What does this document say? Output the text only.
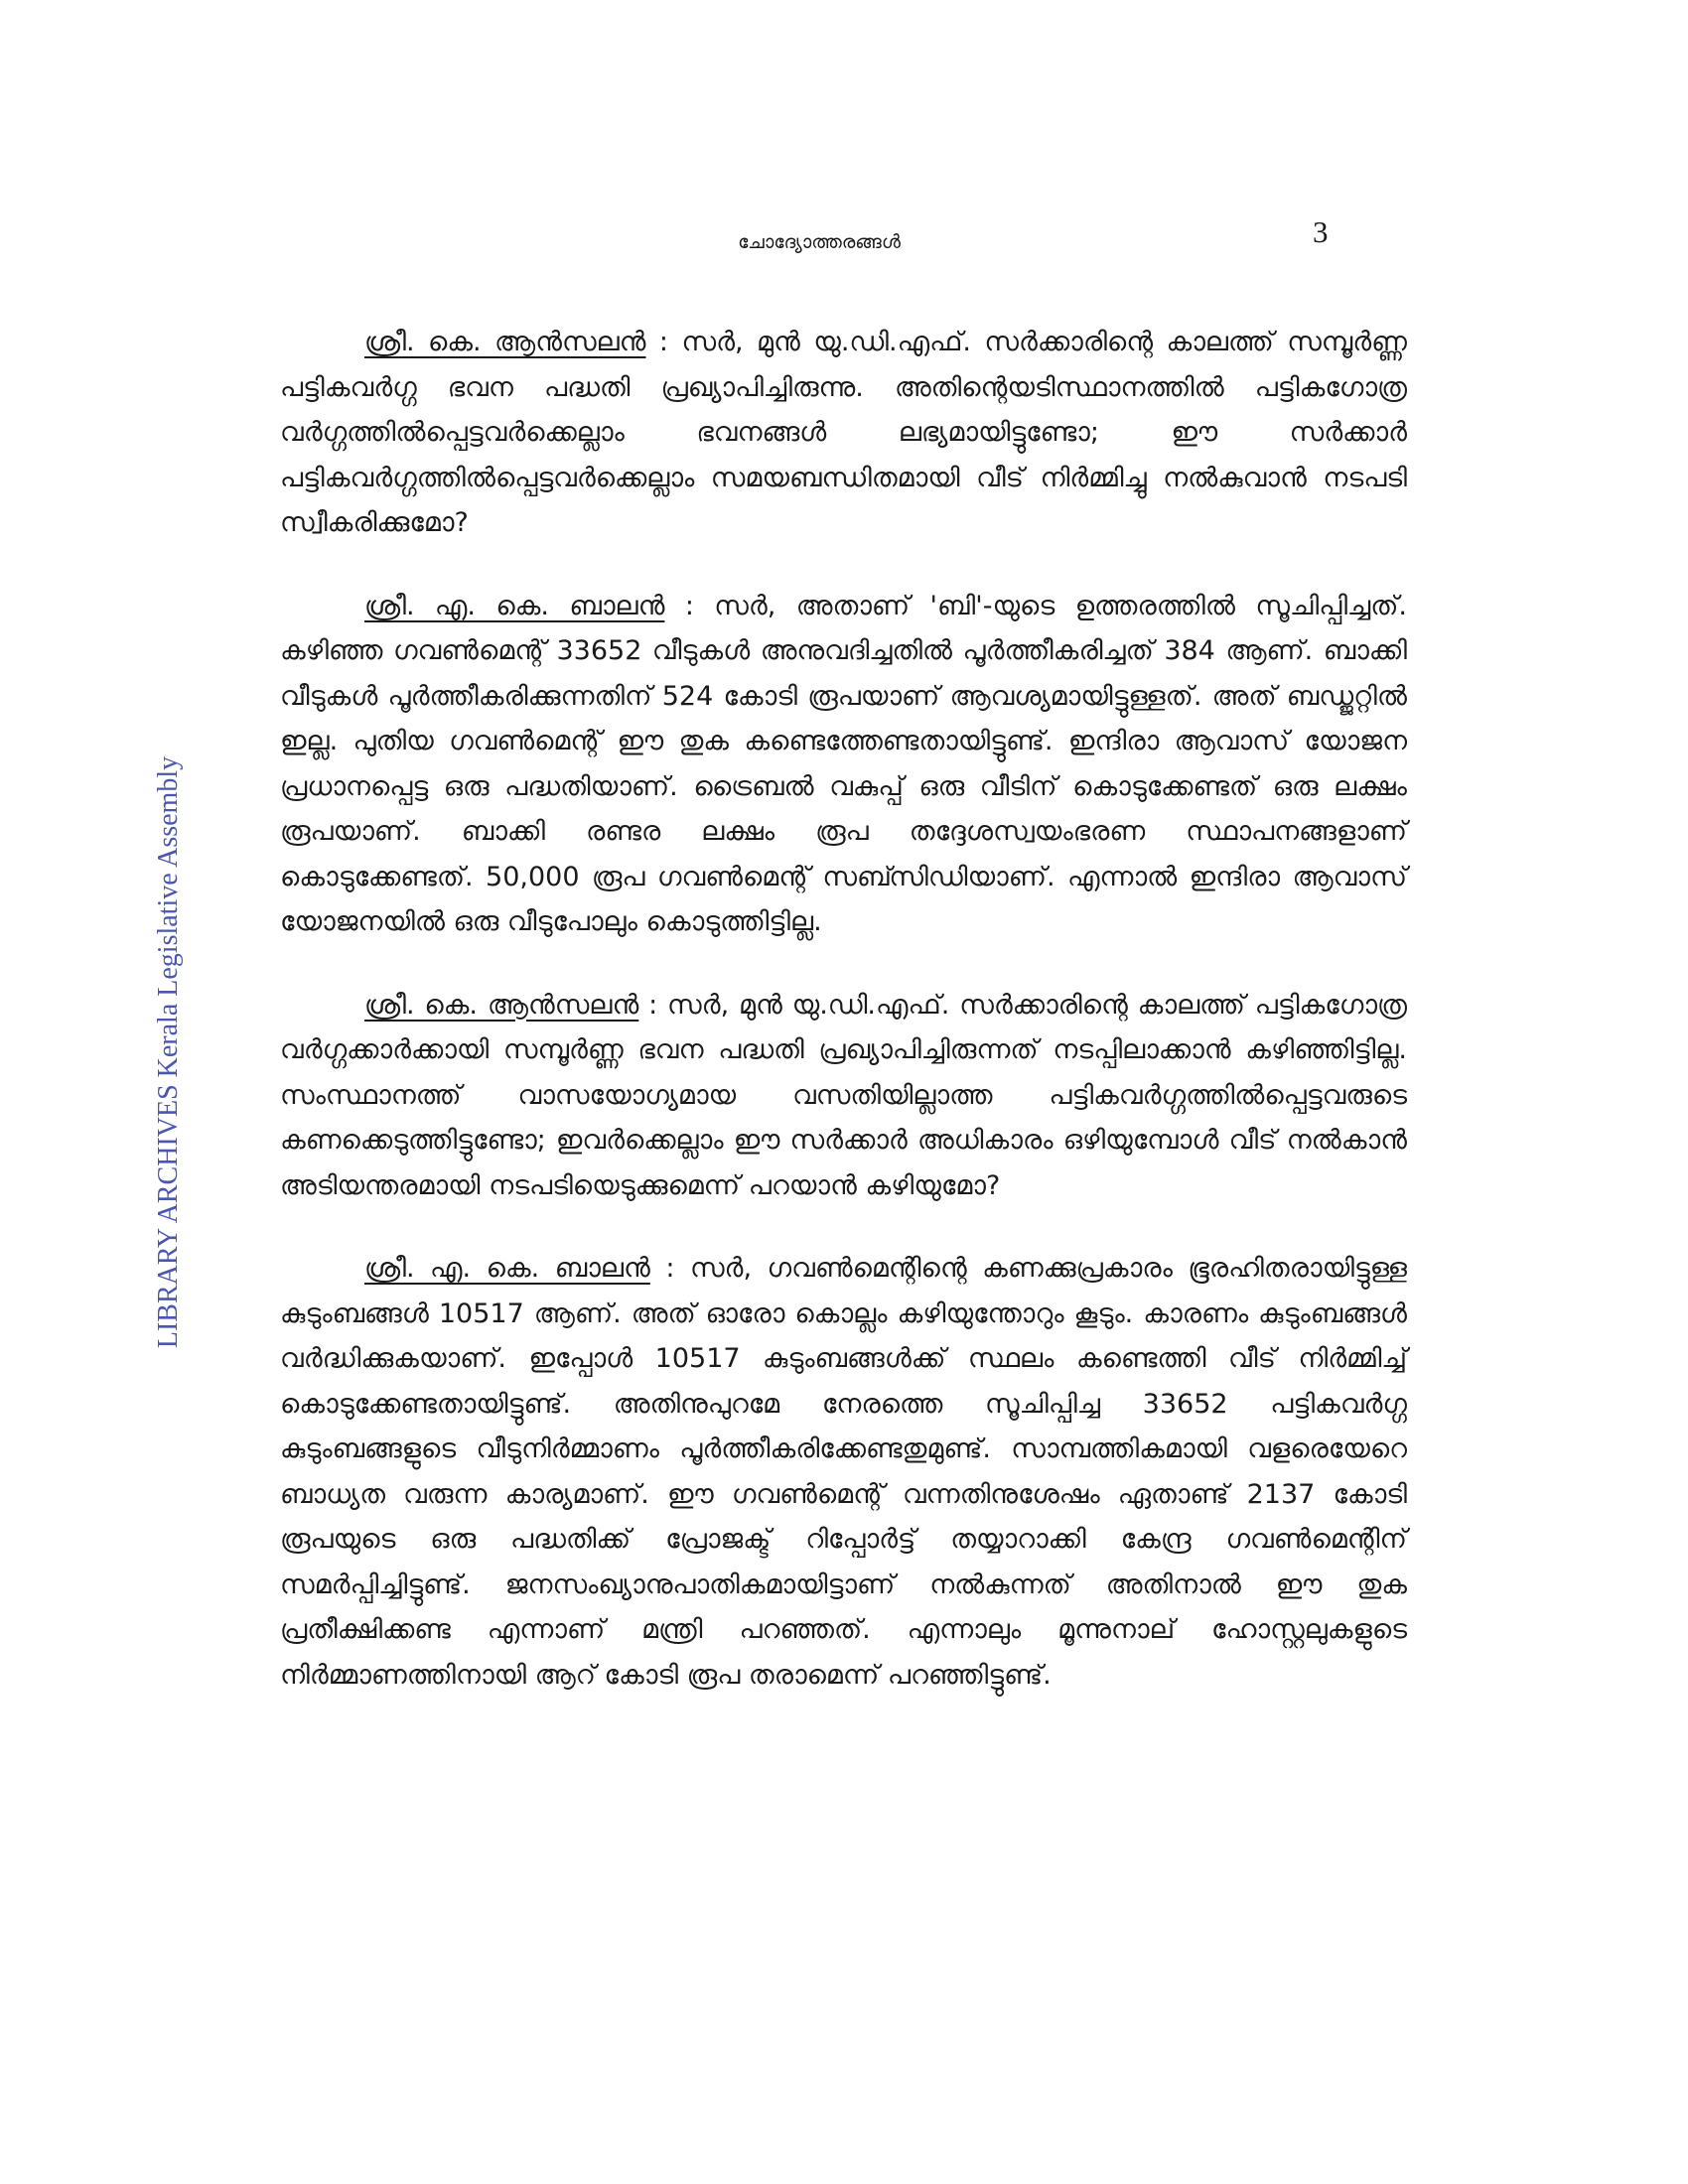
ചോദ്യോത്തരങ്ങൾ	3
LIBRARY ARCHIVES Kerala Legislative Assembly

ശ്രീ. കെ. ആൻസലൻ : സർ, മുൻ യു.ഡി.എഫ്. സർക്കാരിന്റെ കാലത്ത് സമ്പൂർണ്ണ പട്ടികവർഗ്ഗ ഭവന പദ്ധതി പ്രഖ്യാപിച്ചിരുന്നു. അതിന്റെയടിസ്ഥാനത്തിൽ പട്ടികഗോത്ര വർഗ്ഗത്തിൽപ്പെട്ടവർക്കെല്ലാം ഭവനങ്ങൾ ലഭ്യമായിട്ടുണ്ടോ; ഈ സർക്കാർ പട്ടികവർഗ്ഗത്തിൽപ്പെട്ടവർക്കെല്ലാം സമയബന്ധിതമായി വീട് നിർമ്മിച്ചു നൽകുവാൻ നടപടി സ്വീകരിക്കുമോ?

ശ്രീ. എ. കെ. ബാലൻ : സർ, അതാണ് 'ബി'-യുടെ ഉത്തരത്തിൽ സൂചിപ്പിച്ചത്. കഴിഞ്ഞ ഗവൺമെന്റ് 33652 വീടുകൾ അനുവദിച്ചതിൽ പൂർത്തീകരിച്ചത് 384 ആണ്. ബാക്കി വീടുകൾ പൂർത്തീകരിക്കുന്നതിന് 524 കോടി രൂപയാണ് ആവശ്യമായിട്ടുള്ളത്. അത് ബഡ്ജറ്റിൽ ഇല്ല. പുതിയ ഗവൺമെന്റ് ഈ തുക കണ്ടെത്തേണ്ടതായിട്ടുണ്ട്. ഇന്ദിരാ ആവാസ് യോജന പ്രധാനപ്പെട്ട ഒരു പദ്ധതിയാണ്. ട്രൈബൽ വകുപ്പ് ഒരു വീടിന് കൊടുക്കേണ്ടത് ഒരു ലക്ഷം രൂപയാണ്. ബാക്കി രണ്ടര ലക്ഷം രൂപ തദ്ദേശസ്വയംഭരണ സ്ഥാപനങ്ങളാണ് കൊടുക്കേണ്ടത്. 50,000 രൂപ ഗവൺമെന്റ് സബ്സിഡിയാണ്. എന്നാൽ ഇന്ദിരാ ആവാസ് യോജനയിൽ ഒരു വീടുപോലും കൊടുത്തിട്ടില്ല.

ശ്രീ. കെ. ആൻസലൻ : സർ, മുൻ യു.ഡി.എഫ്. സർക്കാരിന്റെ കാലത്ത് പട്ടികഗോത്ര വർഗ്ഗക്കാർക്കായി സമ്പൂർണ്ണ ഭവന പദ്ധതി പ്രഖ്യാപിച്ചിരുന്നത് നടപ്പിലാക്കാൻ കഴിഞ്ഞിട്ടില്ല. സംസ്ഥാനത്ത് വാസയോഗ്യമായ വസതിയില്ലാത്ത പട്ടികവർഗ്ഗത്തിൽപ്പെട്ടവരുടെ കണക്കെടുത്തിട്ടുണ്ടോ; ഇവർക്കെല്ലാം ഈ സർക്കാർ അധികാരം ഒഴിയുമ്പോൾ വീട് നൽകാൻ അടിയന്തരമായി നടപടിയെടുക്കുമെന്ന് പറയാൻ കഴിയുമോ?

ശ്രീ. എ. കെ. ബാലൻ : സർ, ഗവൺമെന്റിന്റെ കണക്കുപ്രകാരം ഭൂരഹിതരായിട്ടുള്ള കുടുംബങ്ങൾ 10517 ആണ്. അത് ഓരോ കൊല്ലം കഴിയുന്തോറും കൂടും. കാരണം കുടുംബങ്ങൾ വർദ്ധിക്കുകയാണ്. ഇപ്പോൾ 10517 കുടുംബങ്ങൾക്ക് സ്ഥലം കണ്ടെത്തി വീട് നിർമ്മിച്ച് കൊടുക്കേണ്ടതായിട്ടുണ്ട്. അതിനുപുറമേ നേരത്തെ സൂചിപ്പിച്ച 33652 പട്ടികവർഗ്ഗ കുടുംബങ്ങളുടെ വീടുനിർമ്മാണം പൂർത്തീകരിക്കേണ്ടതുമുണ്ട്. സാമ്പത്തികമായി വളരെയേറെ ബാധ്യത വരുന്ന കാര്യമാണ്. ഈ ഗവൺമെന്റ് വന്നതിനുശേഷം ഏതാണ്ട് 2137 കോടി രൂപയുടെ ഒരു പദ്ധതിക്ക് പ്രോജക്ട് റിപ്പോർട്ട് തയ്യാറാക്കി കേന്ദ്ര ഗവൺമെന്റിന് സമർപ്പിച്ചിട്ടുണ്ട്. ജനസംഖ്യാനുപാതികമായിട്ടാണ് നൽകുന്നത് അതിനാൽ ഈ തുക പ്രതീക്ഷിക്കണ്ട എന്നാണ് മന്ത്രി പറഞ്ഞത്. എന്നാലും മൂന്നുനാല് ഹോസ്റ്റലുകളുടെ നിർമ്മാണത്തിനായി ആറ് കോടി രൂപ തരാമെന്ന് പറഞ്ഞിട്ടുണ്ട്.
